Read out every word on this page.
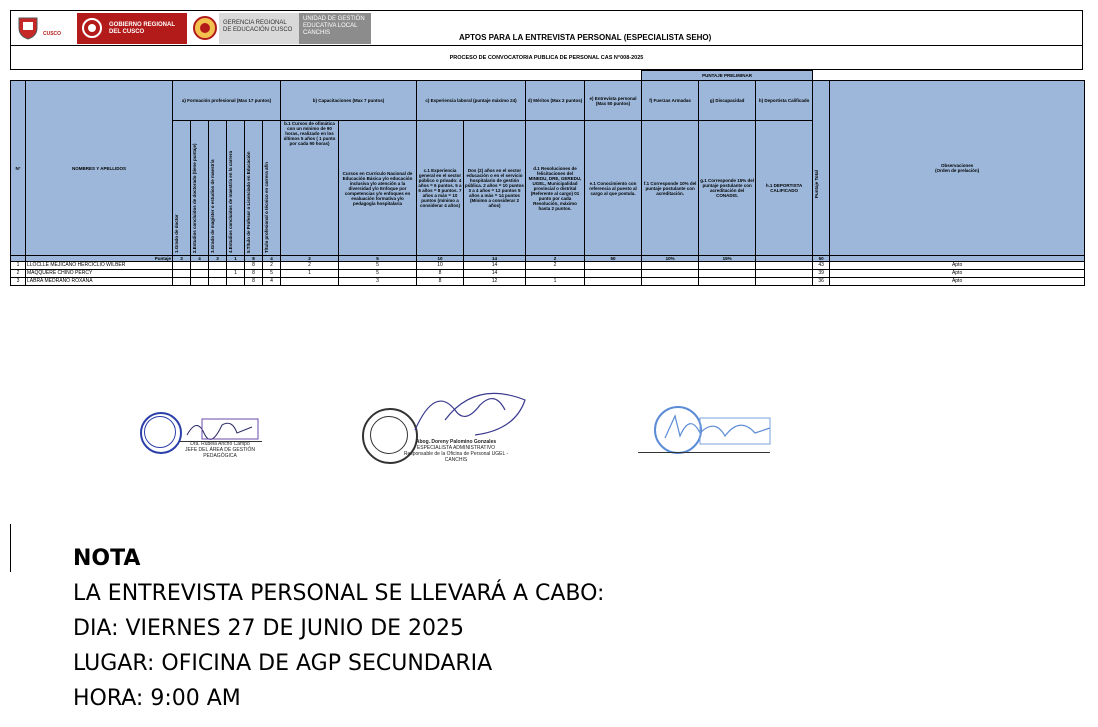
CUSCO
GOBIERNO REGIONAL
DEL CUSCO
GERENCIA REGIONAL
DE EDUCACIÓN CUSCO
UNIDAD DE GESTIÓN
EDUCATIVA LOCAL
CANCHIS	APTOS PARA LA ENTREVISTA PERSONAL (ESPECIALISTA SEHO)
PROCESO DE CONVOCATORIA PUBLICA DE PERSONAL CAS N°008-2025
														PUNTAJE PRELIMINAR				
N°	NOMBRES Y APELLIDOS	a) Formación profesional (Max 17 puntos)						b) Capacitaciones (Max 7 puntos)		c) Experiencia laboral (puntaje máximo 24)		d) Méritos (Max 2 puntos)	e) Entrevista personal (Max 50 puntos)	f) Fuerzas Armadas	g) Discapacidad	h) Deportista Calificado	Puntaje Total	Observaciones
(Orden de prelación)

		1.Grado de doctor	2.Estudios concluidos de doctorado (tiene puntaje)	3.Grado de magister o estudios de maestría	4.Estudios concluidos de maestría en la carrera	5.Título de Profesor o Licenciado en Educación	Título profesional o técnico en carrera afín	b.1 Cursos de ofimática con un mínimo de 90 horas, realizado en los últimos 5 años ( 1 punto por cada 90 horas)	Cursos en Currículo Nacional de Educación Básica y/o educación inclusiva y/o atención a la diversidad y/o Enfoque por competencias y/o enfoques en evaluación formativa y/o pedagogía hospitalaria	c.1 Experiencia general en el sector público o privado: 4 años = 6 puntos. 5 a 6 años = 8 puntos. 7 años a más = 10 puntos (mínimo a considerar 4 años)	Dos (2) años en el sector educación o en el servicio hospitalario de gestión pública. 2 años = 10 puntos 3 a 4 años = 12 puntos 5 años a más = 14 puntos (Mínimo a considerar 2 años)	d.1 Resoluciones de felicitaciones del MINEDU, DRE, GEREDU, UGEL, Municipalidad provincial o distrital (Referente al cargo) 01 punto por cada Resolución, máximo hasta 2 puntos.	e.1 Conocimiento con referencia al puesto al cargo al que postula.	f.1 Corresponde 10% del puntaje postulante con acreditación.	g.1 Corresponde 15% del puntaje postulante con acreditación del CONADIS.	h.1 DEPORTISTA CALIFICADO		
	Puntaje	3	4	3	1	8	4	2	5	10	14	2	50	10%	15%		50	
1	LLOCLLE MEJICANO HERCICLIO WILBER					8	2	2	5	10	14	2					43	Apto
2	MAQQUERE CHINO PERCY				1	8	5	1	5	8	14						39	Apto
3	LABRA MEDRANO ROXANA					8	4		3	8	12	1					36	Apto
Dra. Rubela Ancho Campo
JEFE DEL ÁREA DE GESTIÓN PEDAGÓGICA
Abog. Doreny Palomino Gonzales
ESPECIALISTA ADMINISTRATIVO
Responsable de la Oficina de Personal UGEL - CANCHIS
NOTA
LA ENTREVISTA PERSONAL SE LLEVARÁ A CABO:
DIA: VIERNES 27 DE JUNIO DE 2025
LUGAR: OFICINA DE AGP SECUNDARIA
HORA: 9:00 AM
